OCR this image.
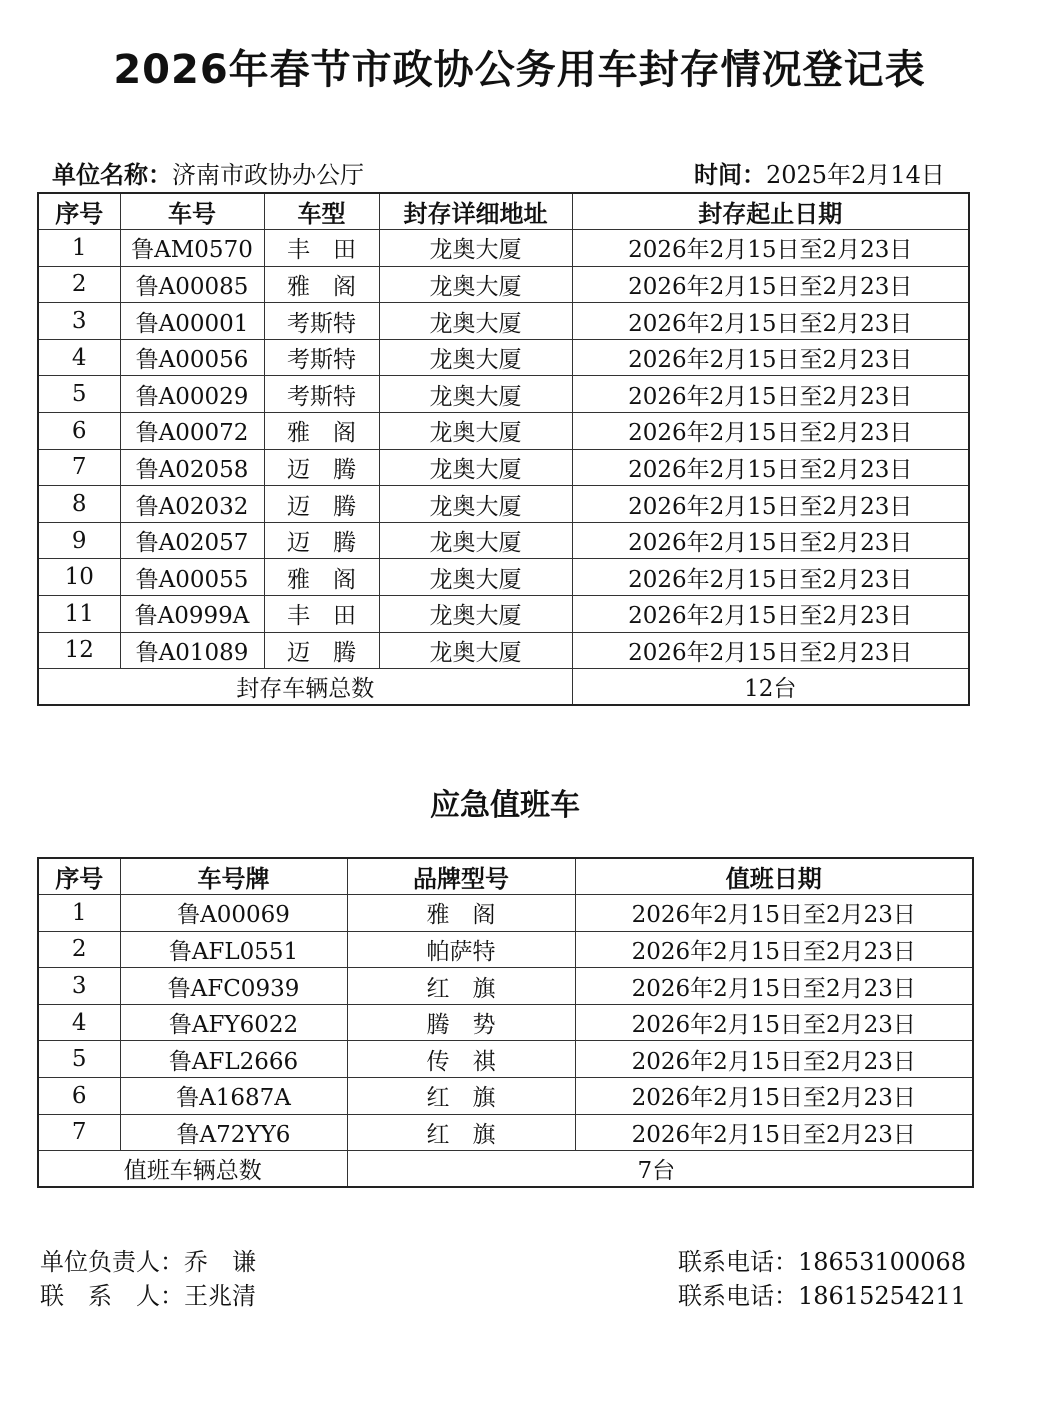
2026年春节市政协公务用车封存情况登记表
单位名称：济南市政协办公厅	时间：2025年2月14日
序号	车号	车型	封存详细地址	封存起止日期
1	鲁AM0570	丰　田	龙奥大厦	2026年2月15日至2月23日
2	鲁A00085	雅　阁	龙奥大厦	2026年2月15日至2月23日
3	鲁A00001	考斯特	龙奥大厦	2026年2月15日至2月23日
4	鲁A00056	考斯特	龙奥大厦	2026年2月15日至2月23日
5	鲁A00029	考斯特	龙奥大厦	2026年2月15日至2月23日
6	鲁A00072	雅　阁	龙奥大厦	2026年2月15日至2月23日
7	鲁A02058	迈　腾	龙奥大厦	2026年2月15日至2月23日
8	鲁A02032	迈　腾	龙奥大厦	2026年2月15日至2月23日
9	鲁A02057	迈　腾	龙奥大厦	2026年2月15日至2月23日
10	鲁A00055	雅　阁	龙奥大厦	2026年2月15日至2月23日
11	鲁A0999A	丰　田	龙奥大厦	2026年2月15日至2月23日
12	鲁A01089	迈　腾	龙奥大厦	2026年2月15日至2月23日
封存车辆总数				12台
应急值班车
序号	车号牌	品牌型号	值班日期
1	鲁A00069	雅　阁	2026年2月15日至2月23日
2	鲁AFL0551	帕萨特	2026年2月15日至2月23日
3	鲁AFC0939	红　旗	2026年2月15日至2月23日
4	鲁AFY6022	腾　势	2026年2月15日至2月23日
5	鲁AFL2666	传　祺	2026年2月15日至2月23日
6	鲁A1687A	红　旗	2026年2月15日至2月23日
7	鲁A72YY6	红　旗	2026年2月15日至2月23日
值班车辆总数		7台	
单位负责人：乔　谦	联系电话：18653100068
联　系　人：王兆清	联系电话：18615254211
